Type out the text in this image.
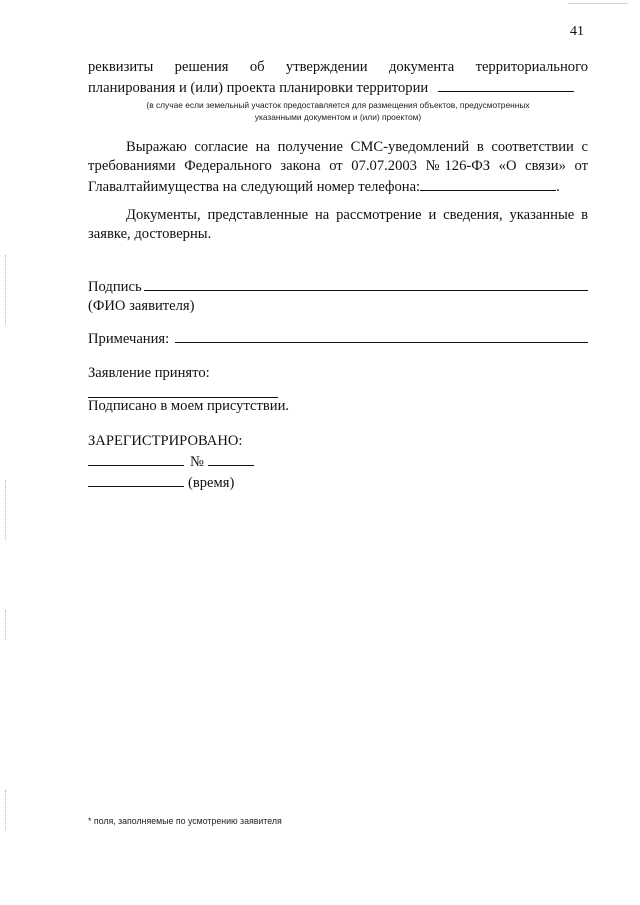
41
реквизиты решения об утверждении документа территориального
планирования и (или) проекта планировки территории
(в случае если земельный участок предоставляется для размещения объектов, предусмотренных
указанными документом и (или) проектом)
Выражаю согласие на получение СМС-уведомлений в соответствии с
требованиями Федерального закона от 07.07.2003 №126-ФЗ «О связи» от
Главалтайимущества на следующий номер телефона:	.
Документы, представленные на рассмотрение и сведения, указанные в заявке, достоверны.
Подпись
(ФИО заявителя)
Примечания:
Заявление принято:
Подписано в моем присутствии.
ЗАРЕГИСТРИРОВАНО:
№
(время)
* поля, заполняемые по усмотрению заявителя
